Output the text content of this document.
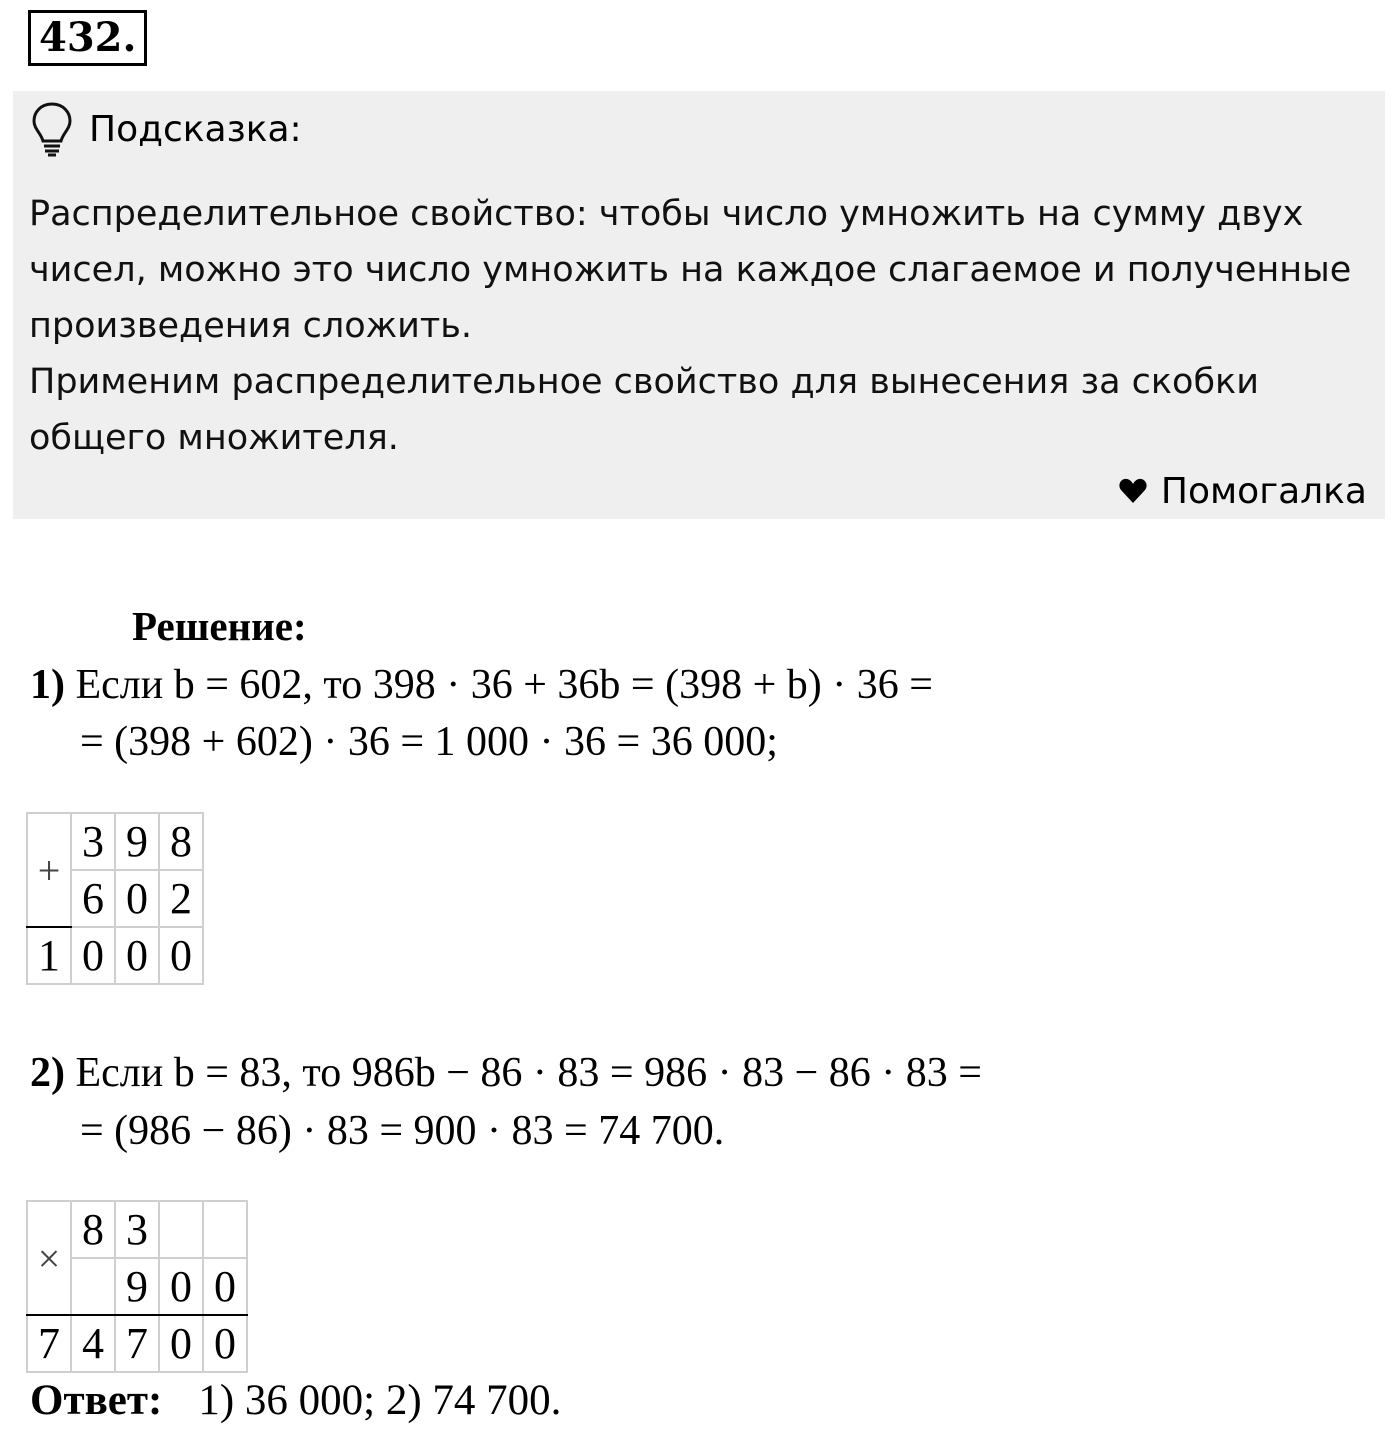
432.
Подсказка:

Распределительное свойство: чтобы число умножить на сумму двух чисел, можно это число умножить на каждое слагаемое и полученные произведения сложить.

Применим распределительное свойство для вынесения за скобки общего множителя.

Помогалка
Решение:
1) Если b = 602, то 398 · 36 + 36b = (398 + b) · 36 =
= (398 + 602) · 36 = 1 000 · 36 = 36 000;
+	3	9	8
	6	0	2
1	0	0	0
2) Если b = 83, то 986b − 86 · 83 = 986 · 83 − 86 · 83 =
= (986 − 86) · 83 = 900 · 83 = 74 700.
×	8	3		
		9	0	0
7	4	7	0	0
Ответ: 1) 36 000; 2) 74 700.
